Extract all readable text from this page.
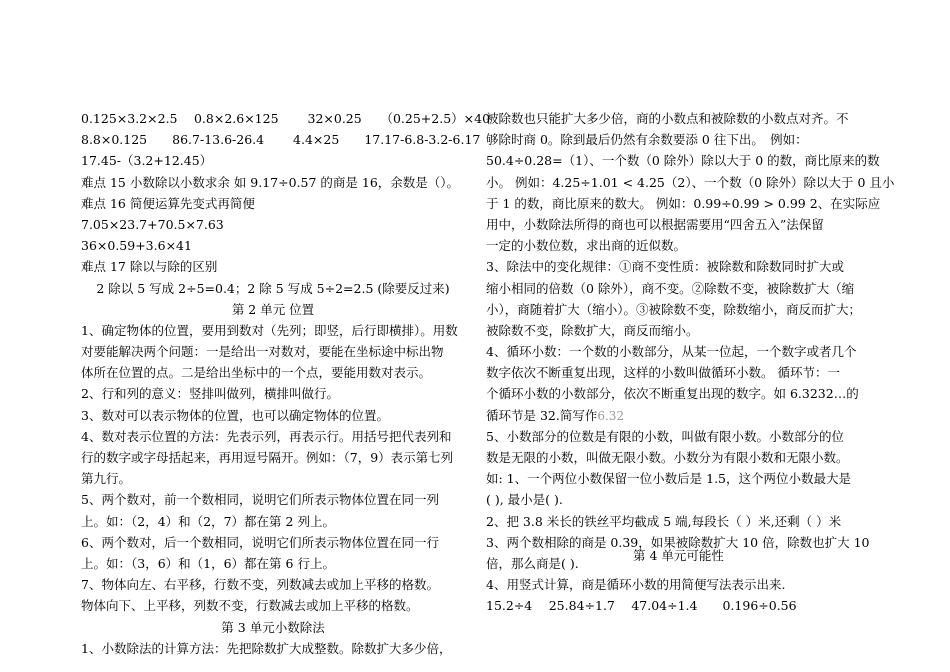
0.125×3.2×2.5　 0.8×2.6×125　　 32×0.25　　（0.25+2.5）×40
8.8×0.125　　86.7-13.6-26.4　　 4.4×25　　17.17-6.8-3.2-6.17
17.45-（3.2+12.45）
难点 15 小数除以小数求余 如 9.17÷0.57 的商是 16，余数是（）。
难点 16 简便运算先变式再简便
7.05×23.7+70.5×7.63
36×0.59+3.6×41
难点 17 除以与除的区别
2 除以 5 写成 2÷5=0.4；2 除 5 写成 5÷2=2.5 (除要反过来)
第 2 单元 位置
1、确定物体的位置，要用到数对（先列；即竖，后行即横排）。用数
对要能解决两个问题：一是给出一对数对，要能在坐标途中标出物
体所在位置的点。二是给出坐标中的一个点，要能用数对表示。
2、行和列的意义：竖排叫做列，横排叫做行。
3、数对可以表示物体的位置，也可以确定物体的位置。
4、数对表示位置的方法：先表示列，再表示行。用括号把代表列和
行的数字或字母括起来，再用逗号隔开。例如：（7，9）表示第七列
第九行。
5、两个数对，前一个数相同，说明它们所表示物体位置在同一列
上。如：（2，4）和（2，7）都在第 2 列上。
6、两个数对，后一个数相同，说明它们所表示物体位置在同一行
上。如：（3，6）和（1，6）都在第 6 行上。
7、物体向左、右平移，行数不变，列数减去或加上平移的格数。
物体向下、上平移，列数不变，行数减去或加上平移的格数。
第 3 单元小数除法
1、小数除法的计算方法：先把除数扩大成整数。除数扩大多少倍，
被除数也只能扩大多少倍，商的小数点和被除数的小数点对齐。不
够除时商 0。除到最后仍然有余数要添 0 往下出。　例如：
50.4÷0.28=（1）、一个数（0 除外）除以大于 0 的数，商比原来的数
小。 例如：4.25÷1.01 < 4.25（2）、一个数（0 除外）除以大于 0 且小
于 1 的数，商比原来的数大。 例如：0.99÷0.99 > 0.99 2、在实际应
用中，小数除法所得的商也可以根据需要用“四舍五入”法保留
一定的小数位数，求出商的近似数。
3、除法中的变化规律：①商不变性质：被除数和除数同时扩大或
缩小相同的倍数（0 除外），商不变。②除数不变，被除数扩大（缩
小），商随着扩大（缩小）。③被除数不变，除数缩小，商反而扩大；
被除数不变，除数扩大，商反而缩小。
4、循环小数：一个数的小数部分，从某一位起，一个数字或者几个
数字依次不断重复出现，这样的小数叫做循环小数。 循环节：一
个循环小数的小数部分，依次不断重复出现的数字。如 6.3232…的
循环节是 32.简写作6.32
5、小数部分的位数是有限的小数，叫做有限小数。小数部分的位
数是无限的小数，叫做无限小数。小数分为有限小数和无限小数。
如: 1、一个两位小数保留一位小数后是 1.5，这个两位小数最大是
( ), 最小是( ).
2、把 3.8 米长的铁丝平均截成 5 端,每段长（ ）米,还剩（ ）米
3、两个数相除的商是 0.39，如果被除数扩大 10 倍，除数也扩大 10
倍，那么商是( ).
4、用竖式计算，商是循环小数的用简便写法表示出来.
15.2÷4　 25.84÷1.7　 47.04÷1.4　　0.196÷0.56
第 4 单元可能性
